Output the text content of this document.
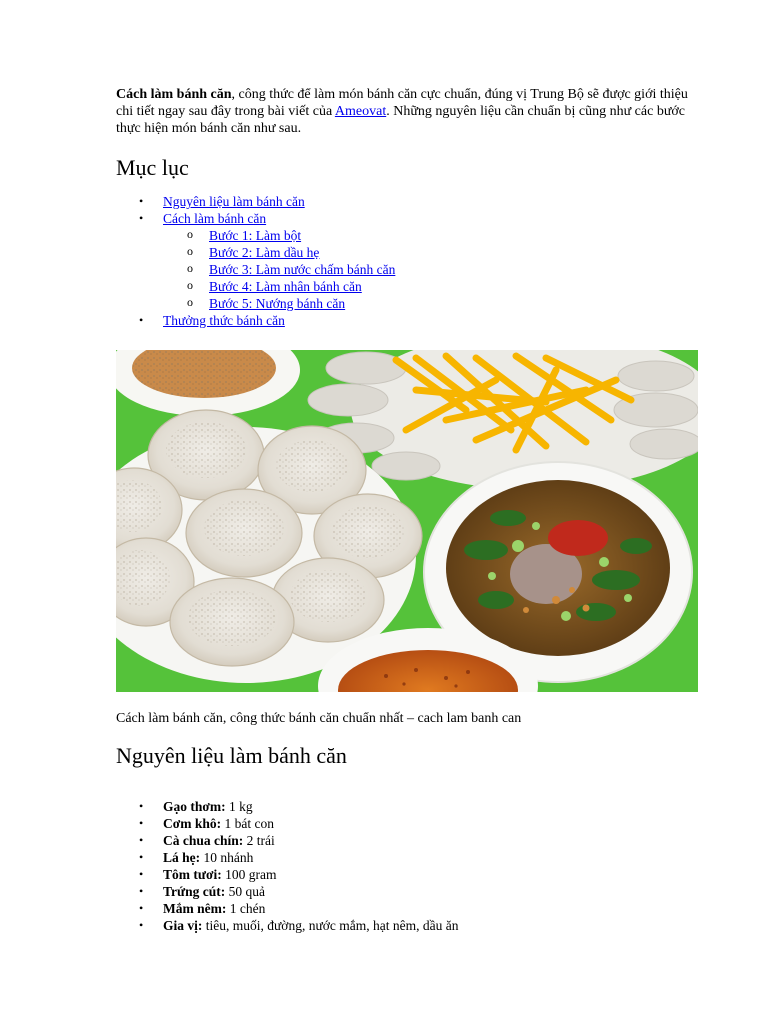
Cách làm bánh căn, công thức để làm món bánh căn cực chuẩn, đúng vị Trung Bộ sẽ được giới thiệu chi tiết ngay sau đây trong bài viết của Ameovat. Những nguyên liệu cần chuẩn bị cũng như các bước thực hiện món bánh căn như sau.

Mục lục
• Nguyên liệu làm bánh căn
• Cách làm bánh căn
o Bước 1: Làm bột
o Bước 2: Làm dầu hẹ
o Bước 3: Làm nước chấm bánh căn
o Bước 4: Làm nhân bánh căn
o Bước 5: Nướng bánh căn
• Thưởng thức bánh căn
Cách làm bánh căn, công thức bánh căn chuẩn nhất – cach lam banh can
Nguyên liệu làm bánh căn
• Gạo thơm: 1 kg
• Cơm khô: 1 bát con
• Cà chua chín: 2 trái
• Lá hẹ: 10 nhánh
• Tôm tươi: 100 gram
• Trứng cút: 50 quả
• Mắm nêm: 1 chén
• Gia vị: tiêu, muối, đường, nước mắm, hạt nêm, dầu ăn
